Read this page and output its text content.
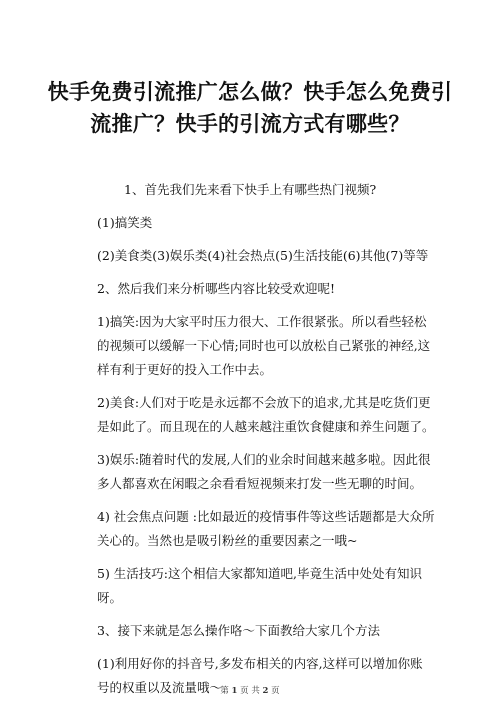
快手免费引流推广怎么做？快手怎么免费引流推广？快手的引流方式有哪些？

1、首先我们先来看下快手上有哪些热门视频?

(1)搞笑类

(2)美食类(3)娱乐类(4)社会热点(5)生活技能(6)其他(7)等等

2、然后我们来分析哪些内容比较受欢迎呢!

1)搞笑:因为大家平时压力很大、工作很紧张。所以看些轻松的视频可以缓解一下心情;同时也可以放松自己紧张的神经,这样有利于更好的投入工作中去。

2)美食:人们对于吃是永远都不会放下的追求,尤其是吃货们更是如此了。而且现在的人越来越注重饮食健康和养生问题了。

3)娱乐:随着时代的发展,人们的业余时间越来越多啦。因此很多人都喜欢在闲暇之余看看短视频来打发一些无聊的时间。

4) 社会焦点问题 :比如最近的疫情事件等这些话题都是大众所关心的。当然也是吸引粉丝的重要因素之一哦~

5) 生活技巧:这个相信大家都知道吧,毕竟生活中处处有知识呀。

3、接下来就是怎么操作咯～下面教给大家几个方法

(1)利用好你的抖音号,多发布相关的内容,这样可以增加你账号的权重以及流量哦～

第 1 页 共 2 页
